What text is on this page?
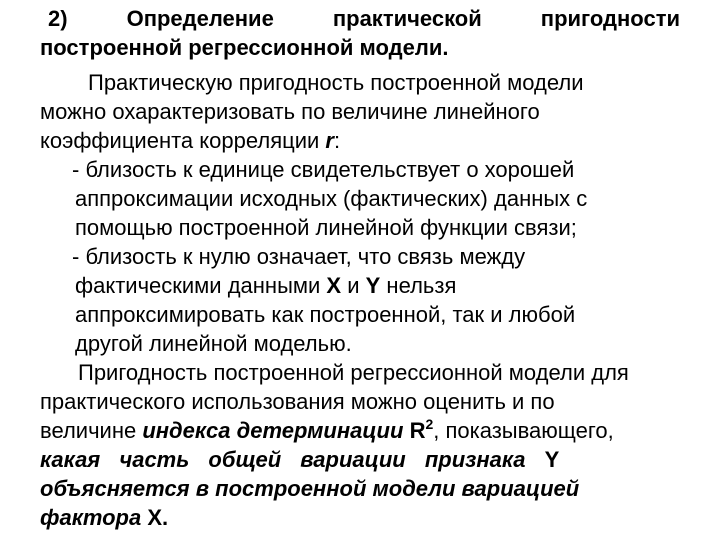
2)	Определение	практической	пригодности
построенной регрессионной модели.
Практическую пригодность построенной модели
можно охарактеризовать по величине линейного
коэффициента корреляции r:
- близость к единице свидетельствует о хорошей
аппроксимации исходных (фактических) данных с
помощью построенной линейной функции связи;
- близость к нулю означает, что связь между
фактическими данными X и Y нельзя
аппроксимировать как построенной, так и любой
другой линейной моделью.
Пригодность построенной регрессионной модели для
практического использования можно оценить и по
величине индекса детерминации $R^2$, показывающего,
какая часть общей вариации признака Y
объясняется в построенной модели вариацией
фактора X.
